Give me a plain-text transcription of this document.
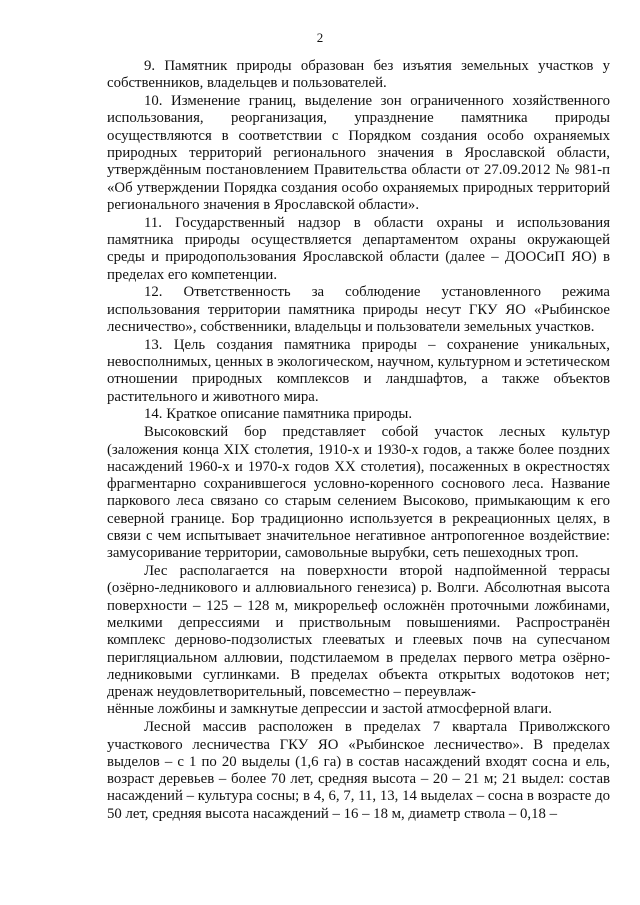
2

9. Памятник природы образован без изъятия земельных участков у собственников, владельцев и пользователей.

10. Изменение границ, выделение зон ограниченного хозяйственного использования, реорганизация, упразднение памятника природы осуществляются в соответствии с Порядком создания особо охраняемых природных территорий регионального значения в Ярославской области, утверждённым постановлением Правительства области от 27.09.2012 № 981-п «Об утверждении Порядка создания особо охраняемых природных территорий регионального значения в Ярославской области».

11. Государственный надзор в области охраны и использования памятника природы осуществляется департаментом охраны окружающей среды и природопользования Ярославской области (далее – ДООСиП ЯО) в пределах его компетенции.

12. Ответственность за соблюдение установленного режима использования территории памятника природы несут ГКУ ЯО «Рыбинское лесничество», собственники, владельцы и пользователи земельных участков.

13. Цель создания памятника природы – сохранение уникальных, невосполнимых, ценных в экологическом, научном, культурном и эстетическом отношении природных комплексов и ландшафтов, а также объектов растительного и животного мира.

14. Краткое описание памятника природы.

Высоковский бор представляет собой участок лесных культур (заложения конца XIX столетия, 1910-х и 1930-х годов, а также более поздних насаждений 1960-х и 1970-х годов XX столетия), посаженных в окрестностях фрагментарно сохранившегося условно-коренного соснового леса. Название паркового леса связано со старым селением Высоково, примыкающим к его северной границе. Бор традиционно используется в рекреационных целях, в связи с чем испытывает значительное негативное антропогенное воздействие: замусоривание территории, самовольные вырубки, сеть пешеходных троп.

Лес располагается на поверхности второй надпойменной террасы (озёрно-ледникового и аллювиального генезиса) р. Волги. Абсолютная высота поверхности – 125 – 128 м, микрорельеф осложнён проточными ложбинами, мелкими депрессиями и приствольным повышениями. Распространён комплекс дерново-подзолистых глееватых и глеевых почв на супесчаном перигляциальном аллювии, подстилаемом в пределах первого метра озёрно-ледниковыми суглинками. В пределах объекта открытых водотоков нет; дренаж неудовлетворительный, повсеместно – переувлаж-
нённые ложбины и замкнутые депрессии и застой атмосферной влаги.

Лесной массив расположен в пределах 7 квартала Приволжского участкового лесничества ГКУ ЯО «Рыбинское лесничество». В пределах выделов – с 1 по 20 выделы (1,6 га) в состав насаждений входят сосна и ель, возраст деревьев – более 70 лет, средняя высота – 20 – 21 м; 21 выдел: состав насаждений – культура сосны; в 4, 6, 7, 11, 13, 14 выделах – сосна в возрасте до 50 лет, средняя высота насаждений – 16 – 18 м, диаметр ствола – 0,18 –
